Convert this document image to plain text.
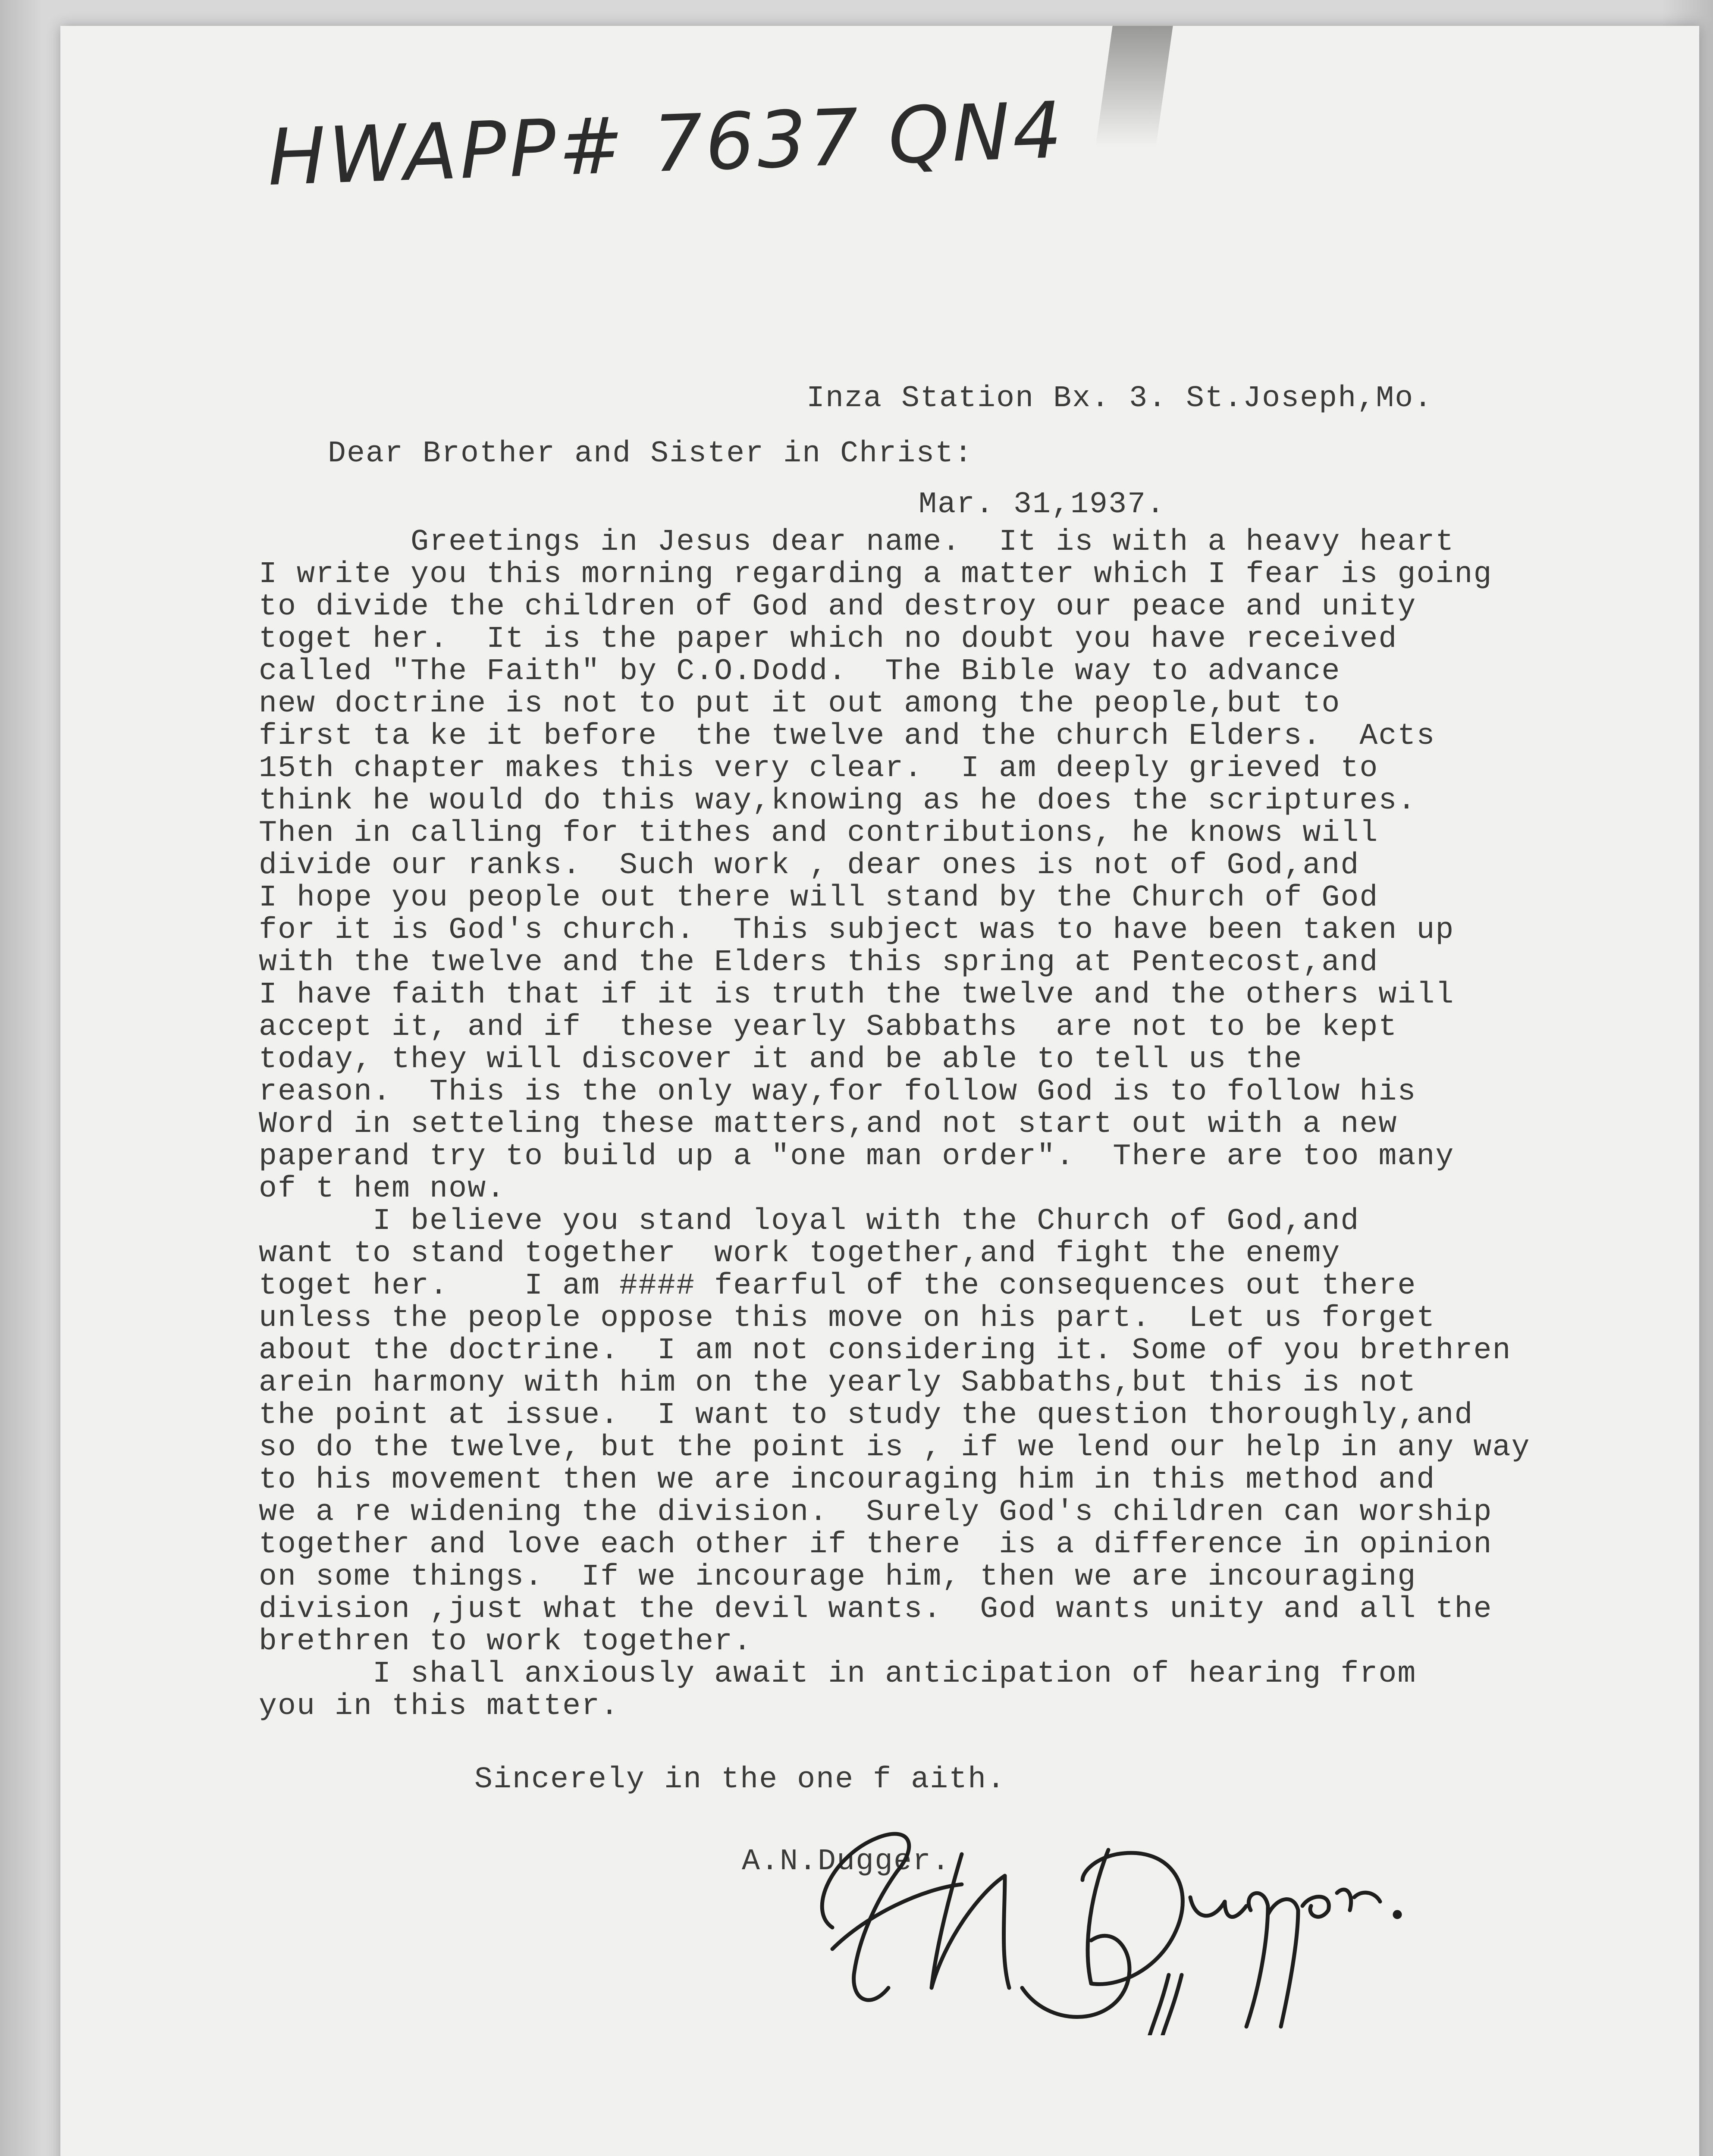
HWAPP# 7637 QN4

Inza Station Bx. 3. St.Joseph,Mo.

Mar. 31,1937.

Dear Brother and Sister in Christ:
Greetings in Jesus dear name.  It is with a heavy heart
I write you this morning regarding a matter which I fear is going
to divide the children of God and destroy our peace and unity
toget her.  It is the paper which no doubt you have received
called "The Faith" by C.O.Dodd.  The Bible way to advance
new doctrine is not to put it out among the people,but to
first ta ke it before  the twelve and the church Elders.  Acts
15th chapter makes this very clear.  I am deeply grieved to
think he would do this way,knowing as he does the scriptures.
Then in calling for tithes and contributions, he knows will
divide our ranks.  Such work , dear ones is not of God,and
I hope you people out there will stand by the Church of God
for it is God's church.  This subject was to have been taken up
with the twelve and the Elders this spring at Pentecost,and
I have faith that if it is truth the twelve and the others will
accept it, and if  these yearly Sabbaths  are not to be kept
today, they will discover it and be able to tell us the
reason.  This is the only way,for follow God is to follow his
Word in setteling these matters,and not start out with a new
paperand try to build up a "one man order".  There are too many
of t hem now.
I believe you stand loyal with the Church of God,and
want to stand together  work together,and fight the enemy
toget her.    I am #### fearful of the consequences out there
unless the people oppose this move on his part.  Let us forget
about the doctrine.  I am not considering it. Some of you brethren
arein harmony with him on the yearly Sabbaths,but this is not
the point at issue.  I want to study the question thoroughly,and
so do the twelve, but the point is , if we lend our help in any way
to his movement then we are incouraging him in this method and
we a re widening the division.  Surely God's children can worship
together and love each other if there  is a difference in opinion
on some things.  If we incourage him, then we are incouraging
division ,just what the devil wants.  God wants unity and all the
brethren to work together.
I shall anxiously await in anticipation of hearing from
you in this matter.
Sincerely in the one f aith.
A.N.Dugger.
